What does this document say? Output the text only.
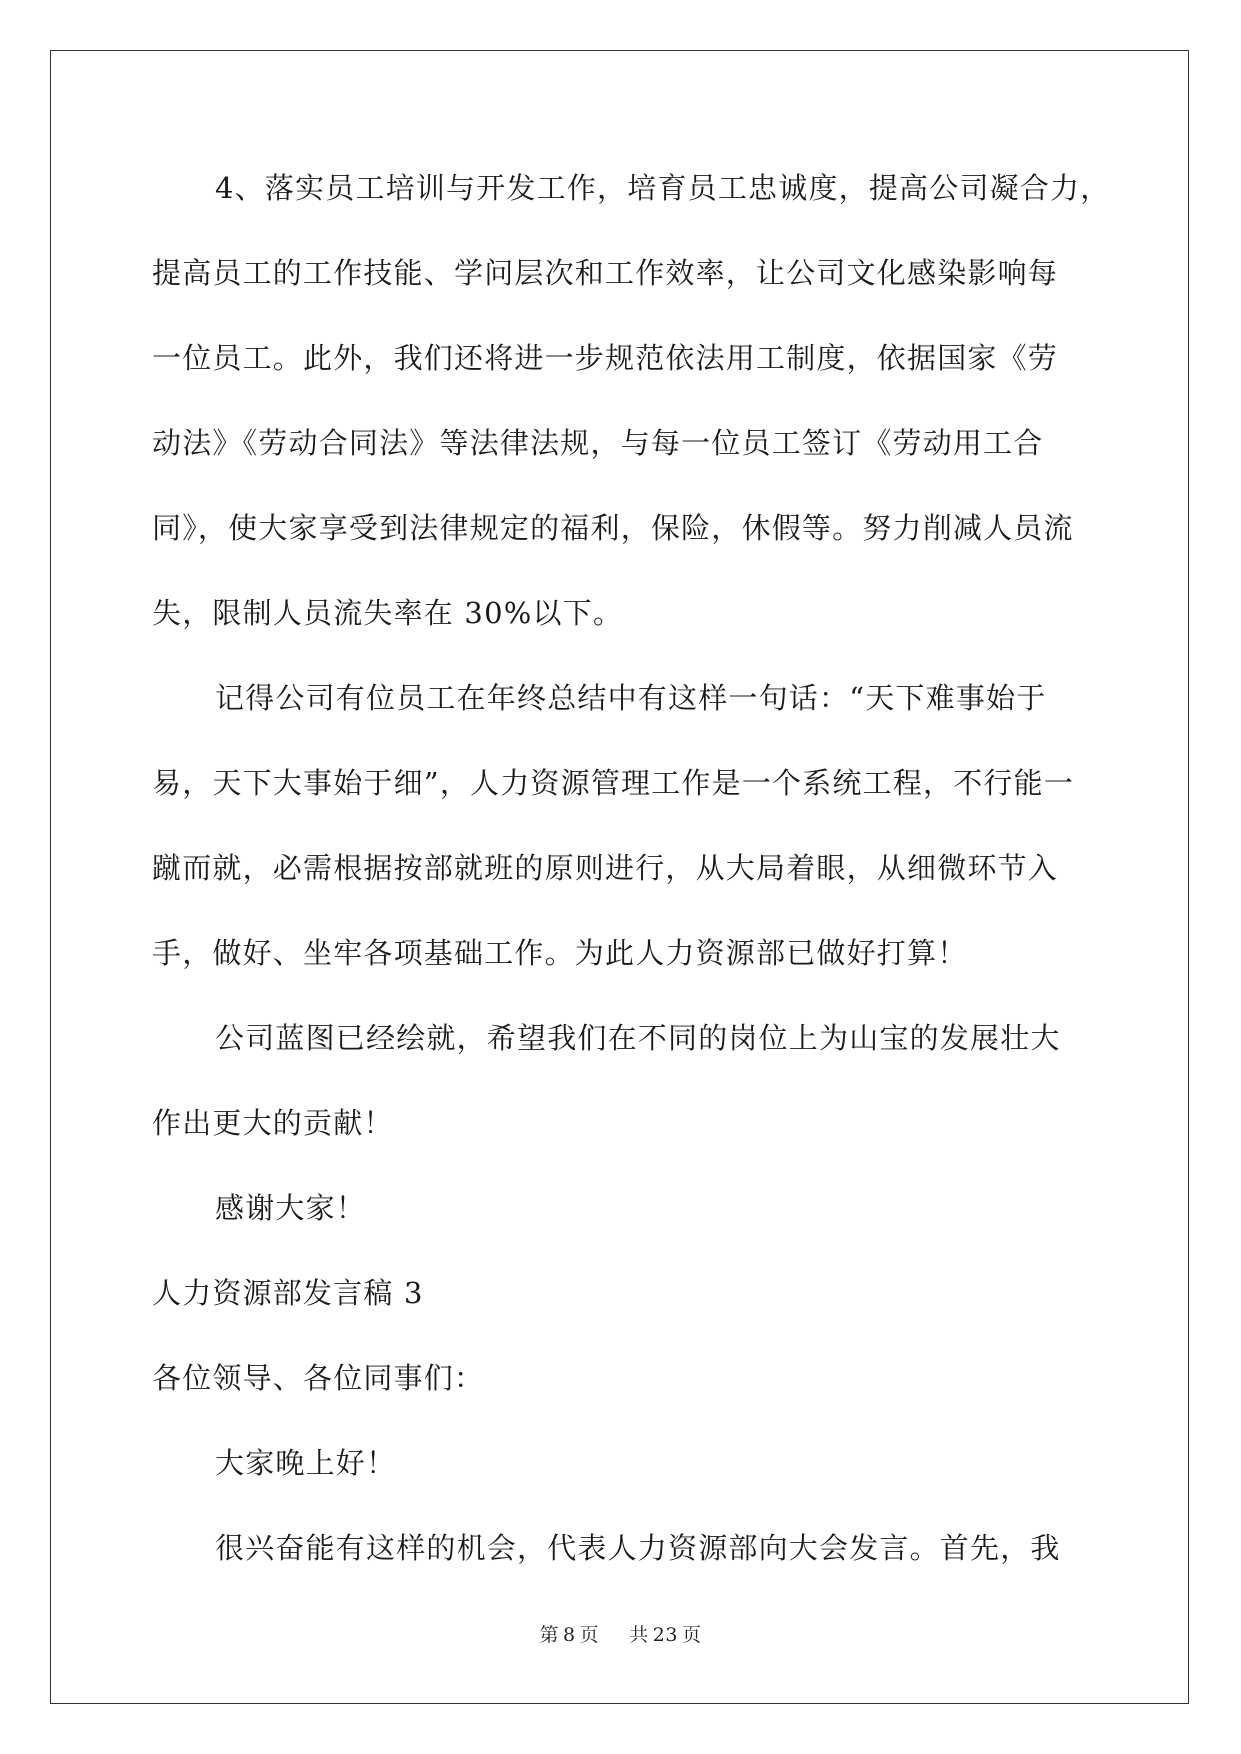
4、落实员工培训与开发工作，培育员工忠诚度，提高公司凝合力，
提高员工的工作技能、学问层次和工作效率，让公司文化感染影响每
一位员工。此外，我们还将进一步规范依法用工制度，依据国家《劳
动法》《劳动合同法》等法律法规，与每一位员工签订《劳动用工合
同》，使大家享受到法律规定的福利，保险，休假等。努力削减人员流
失，限制人员流失率在 30%以下。
记得公司有位员工在年终总结中有这样一句话：“天下难事始于
易，天下大事始于细”，人力资源管理工作是一个系统工程，不行能一
蹴而就，必需根据按部就班的原则进行，从大局着眼，从细微环节入
手，做好、坐牢各项基础工作。为此人力资源部已做好打算！
公司蓝图已经绘就，希望我们在不同的岗位上为山宝的发展壮大
作出更大的贡献！
感谢大家！
人力资源部发言稿 3
各位领导、各位同事们：
大家晚上好！
很兴奋能有这样的机会，代表人力资源部向大会发言。首先，我
第 8 页 共 23 页
